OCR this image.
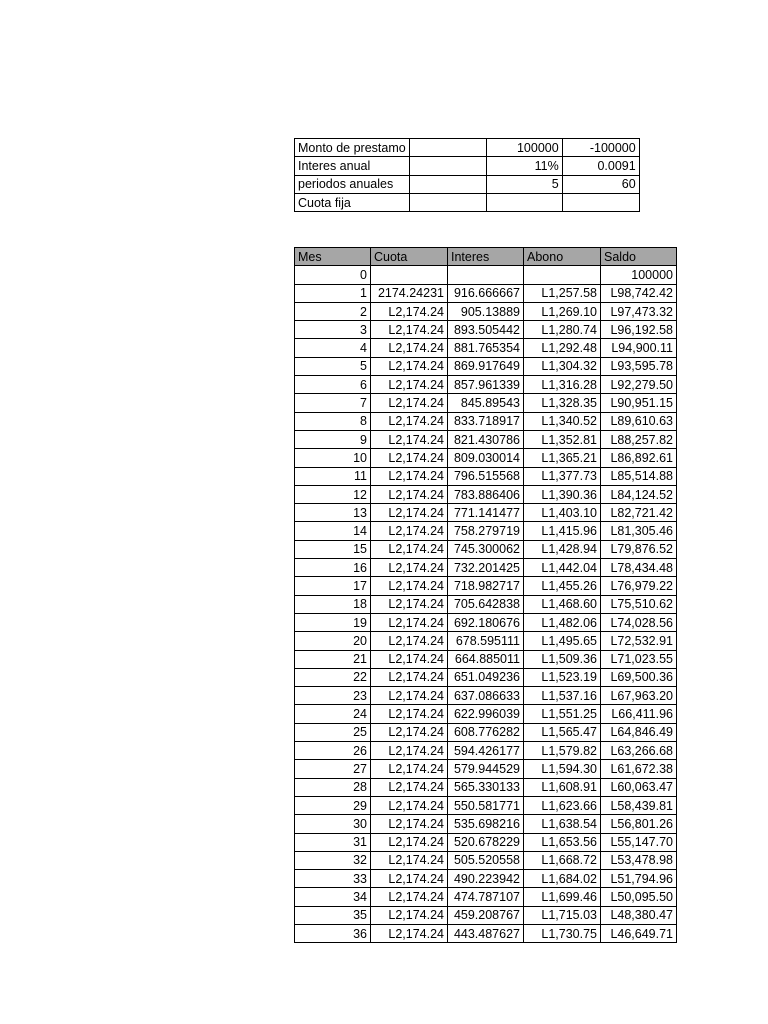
Monto de prestamo		100000	-100000
Interes anual		11%	0.0091
periodos anuales		5	60
Cuota fija			
Mes	Cuota	Interes	Abono	Saldo
0				100000
1	2174.24231	916.666667	L1,257.58	L98,742.42
2	L2,174.24	905.13889	L1,269.10	L97,473.32
3	L2,174.24	893.505442	L1,280.74	L96,192.58
4	L2,174.24	881.765354	L1,292.48	L94,900.11
5	L2,174.24	869.917649	L1,304.32	L93,595.78
6	L2,174.24	857.961339	L1,316.28	L92,279.50
7	L2,174.24	845.89543	L1,328.35	L90,951.15
8	L2,174.24	833.718917	L1,340.52	L89,610.63
9	L2,174.24	821.430786	L1,352.81	L88,257.82
10	L2,174.24	809.030014	L1,365.21	L86,892.61
11	L2,174.24	796.515568	L1,377.73	L85,514.88
12	L2,174.24	783.886406	L1,390.36	L84,124.52
13	L2,174.24	771.141477	L1,403.10	L82,721.42
14	L2,174.24	758.279719	L1,415.96	L81,305.46
15	L2,174.24	745.300062	L1,428.94	L79,876.52
16	L2,174.24	732.201425	L1,442.04	L78,434.48
17	L2,174.24	718.982717	L1,455.26	L76,979.22
18	L2,174.24	705.642838	L1,468.60	L75,510.62
19	L2,174.24	692.180676	L1,482.06	L74,028.56
20	L2,174.24	678.595111	L1,495.65	L72,532.91
21	L2,174.24	664.885011	L1,509.36	L71,023.55
22	L2,174.24	651.049236	L1,523.19	L69,500.36
23	L2,174.24	637.086633	L1,537.16	L67,963.20
24	L2,174.24	622.996039	L1,551.25	L66,411.96
25	L2,174.24	608.776282	L1,565.47	L64,846.49
26	L2,174.24	594.426177	L1,579.82	L63,266.68
27	L2,174.24	579.944529	L1,594.30	L61,672.38
28	L2,174.24	565.330133	L1,608.91	L60,063.47
29	L2,174.24	550.581771	L1,623.66	L58,439.81
30	L2,174.24	535.698216	L1,638.54	L56,801.26
31	L2,174.24	520.678229	L1,653.56	L55,147.70
32	L2,174.24	505.520558	L1,668.72	L53,478.98
33	L2,174.24	490.223942	L1,684.02	L51,794.96
34	L2,174.24	474.787107	L1,699.46	L50,095.50
35	L2,174.24	459.208767	L1,715.03	L48,380.47
36	L2,174.24	443.487627	L1,730.75	L46,649.71
